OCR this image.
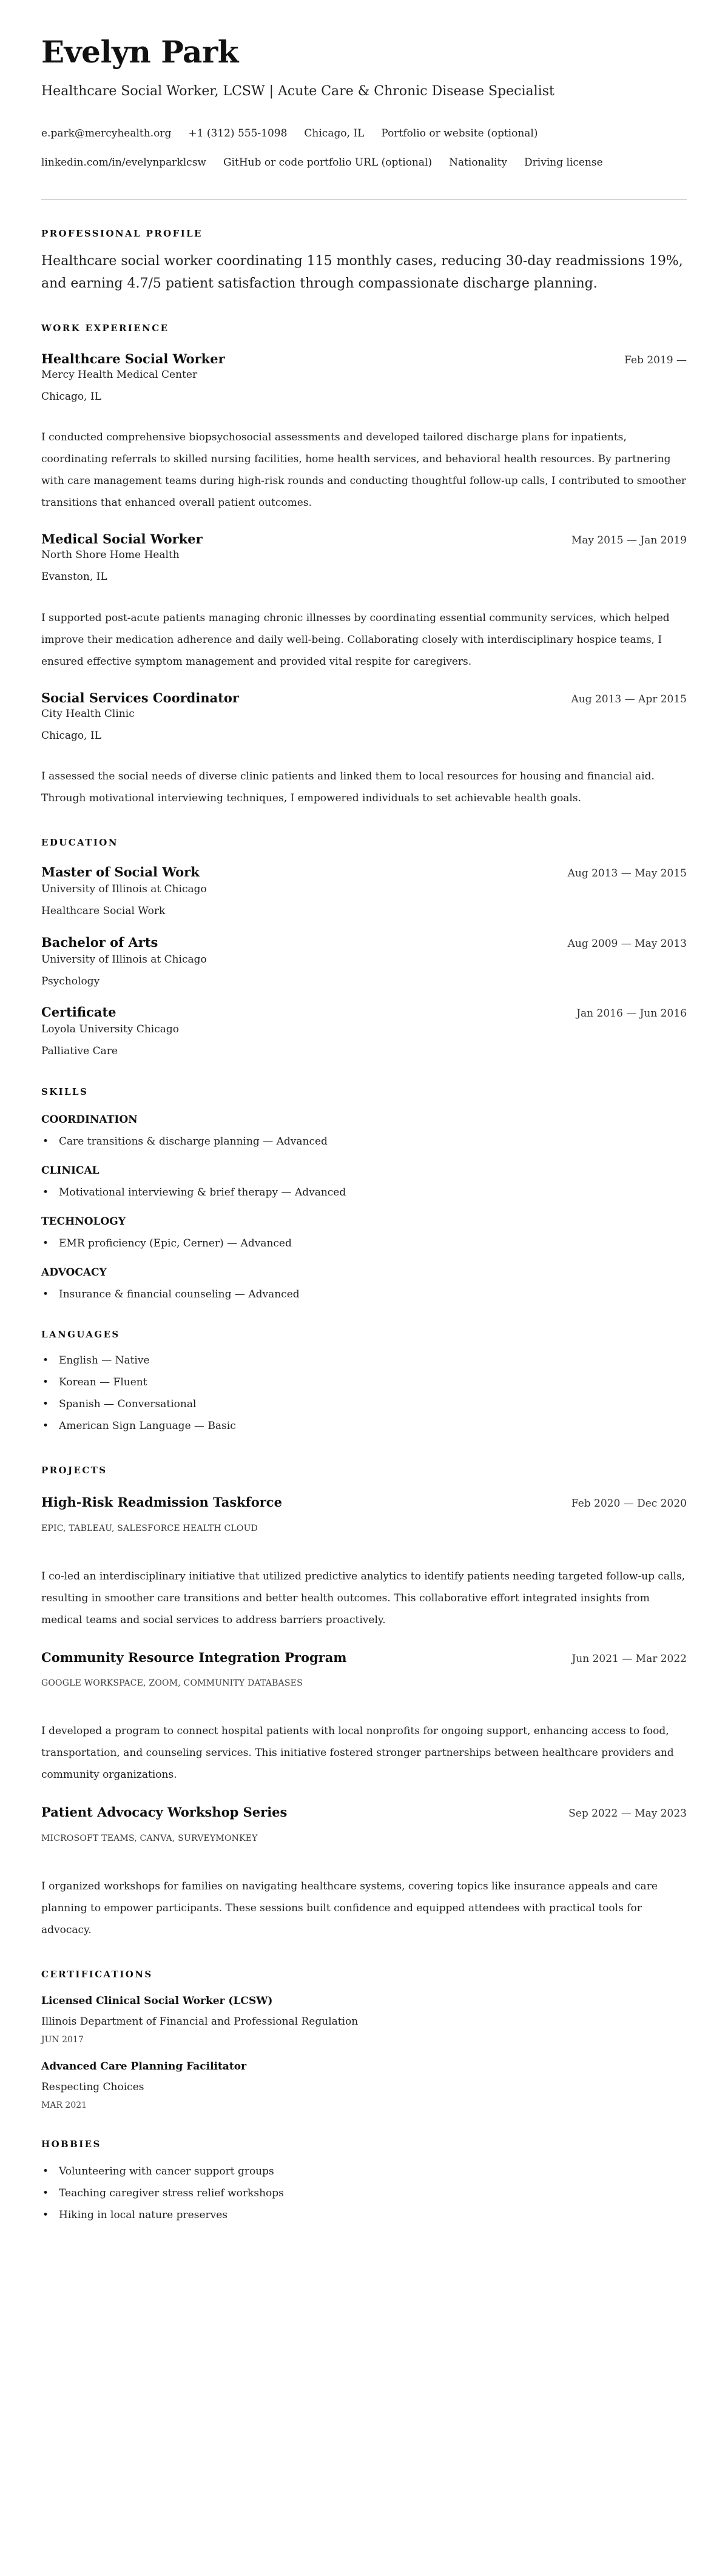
Evelyn Park
Healthcare Social Worker, LCSW | Acute Care & Chronic Disease Specialist
e.park@mercyhealth.org +1 (312) 555-1098 Chicago, IL Portfolio or website (optional)
linkedin.com/in/evelynparklcsw GitHub or code portfolio URL (optional) Nationality Driving license
PROFESSIONAL PROFILE

Healthcare social worker coordinating 115 monthly cases, reducing 30-day readmissions 19%, and earning 4.7/5 patient satisfaction through compassionate discharge planning.

WORK EXPERIENCE
Healthcare Social Worker	Feb 2019 —
Mercy Health Medical Center
Chicago, IL

I conducted comprehensive biopsychosocial assessments and developed tailored discharge plans for inpatients, coordinating referrals to skilled nursing facilities, home health services, and behavioral health resources. By partnering with care management teams during high-risk rounds and conducting thoughtful follow-up calls, I contributed to smoother transitions that enhanced overall patient outcomes.

Medical Social Worker	May 2015 — Jan 2019
North Shore Home Health
Evanston, IL

I supported post-acute patients managing chronic illnesses by coordinating essential community services, which helped improve their medication adherence and daily well-being. Collaborating closely with interdisciplinary hospice teams, I ensured effective symptom management and provided vital respite for caregivers.

Social Services Coordinator	Aug 2013 — Apr 2015
City Health Clinic
Chicago, IL

I assessed the social needs of diverse clinic patients and linked them to local resources for housing and financial aid. Through motivational interviewing techniques, I empowered individuals to set achievable health goals.

EDUCATION
Master of Social Work	Aug 2013 — May 2015
University of Illinois at Chicago
Healthcare Social Work
Bachelor of Arts	Aug 2009 — May 2013
University of Illinois at Chicago
Psychology
Certificate	Jan 2016 — Jun 2016
Loyola University Chicago
Palliative Care
SKILLS
COORDINATION
• Care transitions & discharge planning — Advanced
CLINICAL
• Motivational interviewing & brief therapy — Advanced
TECHNOLOGY
• EMR proficiency (Epic, Cerner) — Advanced
ADVOCACY
• Insurance & financial counseling — Advanced
LANGUAGES
• English — Native
• Korean — Fluent
• Spanish — Conversational
• American Sign Language — Basic
PROJECTS
High-Risk Readmission Taskforce	Feb 2020 — Dec 2020
EPIC, TABLEAU, SALESFORCE HEALTH CLOUD

I co-led an interdisciplinary initiative that utilized predictive analytics to identify patients needing targeted follow-up calls, resulting in smoother care transitions and better health outcomes. This collaborative effort integrated insights from medical teams and social services to address barriers proactively.

Community Resource Integration Program	Jun 2021 — Mar 2022
GOOGLE WORKSPACE, ZOOM, COMMUNITY DATABASES

I developed a program to connect hospital patients with local nonprofits for ongoing support, enhancing access to food, transportation, and counseling services. This initiative fostered stronger partnerships between healthcare providers and community organizations.

Patient Advocacy Workshop Series	Sep 2022 — May 2023
MICROSOFT TEAMS, CANVA, SURVEYMONKEY

I organized workshops for families on navigating healthcare systems, covering topics like insurance appeals and care planning to empower participants. These sessions built confidence and equipped attendees with practical tools for advocacy.

CERTIFICATIONS
Licensed Clinical Social Worker (LCSW)
Illinois Department of Financial and Professional Regulation
JUN 2017
Advanced Care Planning Facilitator
Respecting Choices
MAR 2021
HOBBIES
• Volunteering with cancer support groups
• Teaching caregiver stress relief workshops
• Hiking in local nature preserves
